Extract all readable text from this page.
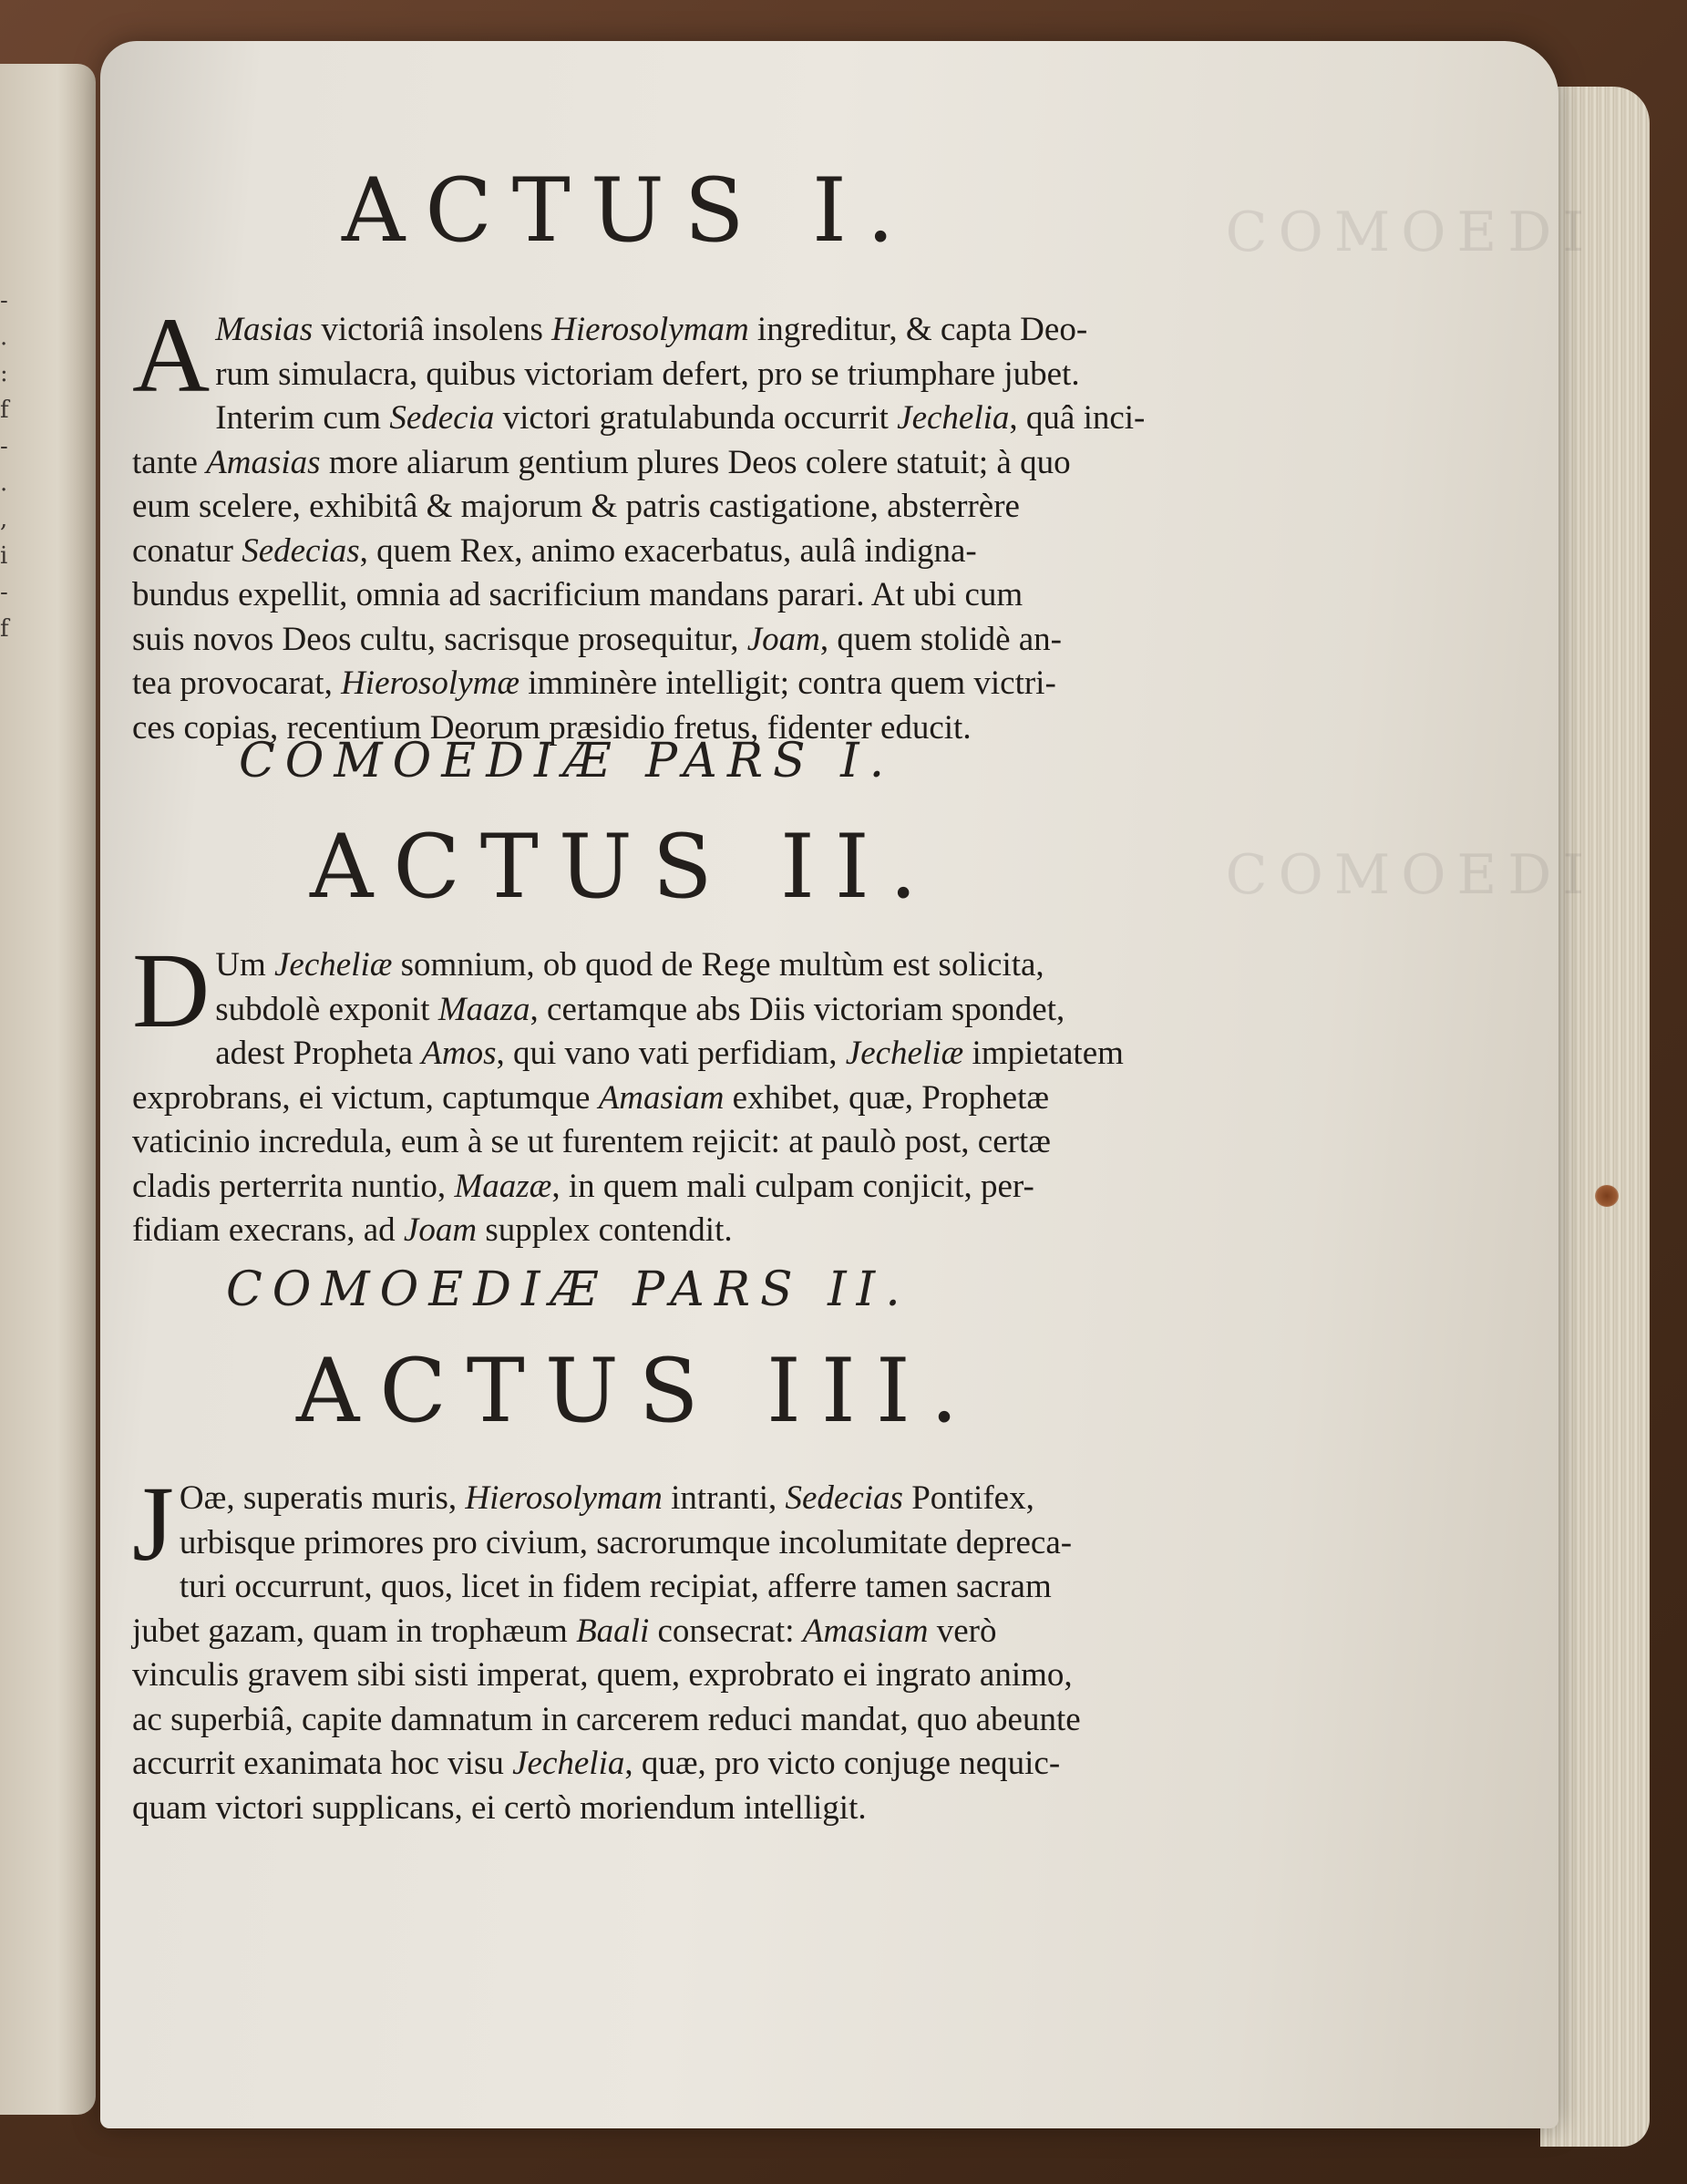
-
.
:
f
-
.
,
i
-
f
COMOEDI
COMOEDI
ACTUS I.
A Masias victoriâ insolens Hierosolymam ingreditur, & capta Deo-
rum simulacra, quibus victoriam defert, pro se triumphare jubet.
Interim cum Sedecia victori gratulabunda occurrit Jechelia, quâ inci-
tante Amasias more aliarum gentium plures Deos colere statuit; à quo
eum scelere, exhibitâ & majorum & patris castigatione, absterrère
conatur Sedecias, quem Rex, animo exacerbatus, aulâ indigna-
bundus expellit, omnia ad sacrificium mandans parari. At ubi cum
suis novos Deos cultu, sacrisque prosequitur, Joam, quem stolidè an-
tea provocarat, Hierosolymæ imminère intelligit; contra quem victri-
ces copias, recentium Deorum præsidio fretus, fidenter educit.
COMOEDIÆ PARS I.
ACTUS II.
D Um Jecheliæ somnium, ob quod de Rege multùm est solicita,
subdolè exponit Maaza, certamque abs Diis victoriam spondet,
adest Propheta Amos, qui vano vati perfidiam, Jecheliæ impietatem
exprobrans, ei victum, captumque Amasiam exhibet, quæ, Prophetæ
vaticinio incredula, eum à se ut furentem rejicit: at paulò post, certæ
cladis perterrita nuntio, Maazæ, in quem mali culpam conjicit, per-
fidiam execrans, ad Joam supplex contendit.
COMOEDIÆ PARS II.
ACTUS III.
J Oæ, superatis muris, Hierosolymam intranti, Sedecias Pontifex,
urbisque primores pro civium, sacrorumque incolumitate depreca-
turi occurrunt, quos, licet in fidem recipiat, afferre tamen sacram
jubet gazam, quam in trophæum Baali consecrat: Amasiam verò
vinculis gravem sibi sisti imperat, quem, exprobrato ei ingrato animo,
ac superbiâ, capite damnatum in carcerem reduci mandat, quo abeunte
accurrit exanimata hoc visu Jechelia, quæ, pro victo conjuge nequic-
quam victori supplicans, ei certò moriendum intelligit.
